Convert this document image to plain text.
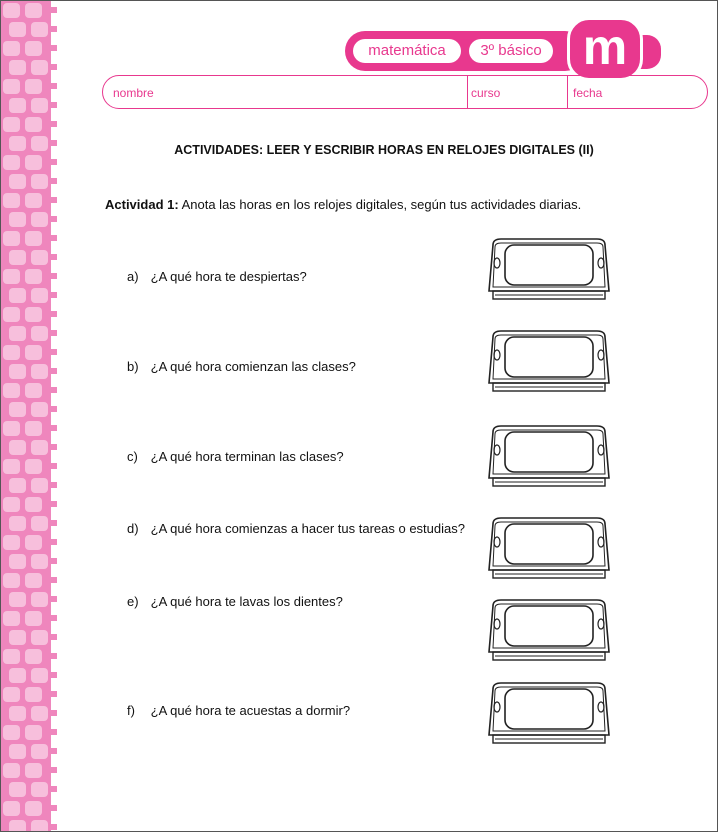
matemática	3º básico m
nombre	curso	fecha
ACTIVIDADES: LEER Y ESCRIBIR HORAS EN RELOJES DIGITALES (II)
Actividad 1: Anota las horas en los relojes digitales, según tus actividades diarias.
a) ¿A qué hora te despiertas?
b) ¿A qué hora comienzan las clases?
c) ¿A qué hora terminan las clases?
d) ¿A qué hora comienzas a hacer tus tareas o estudias?
e) ¿A qué hora te lavas los dientes?
f) ¿A qué hora te acuestas a dormir?
